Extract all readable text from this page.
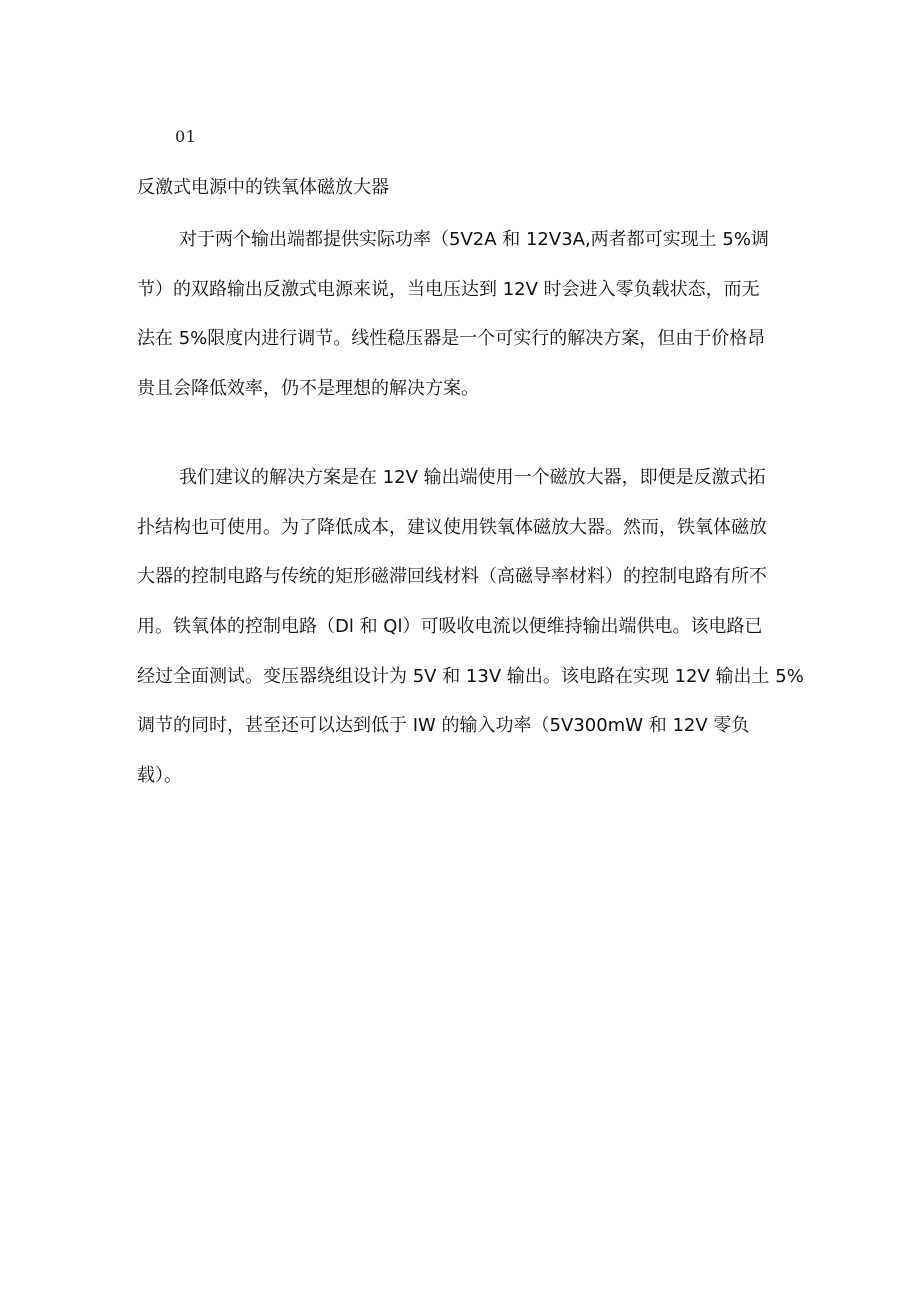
01
反激式电源中的铁氧体磁放大器
对于两个输出端都提供实际功率（5V2A 和 12V3A,两者都可实现土 5%调
节）的双路输出反激式电源来说，当电压达到 12V 时会进入零负载状态，而无
法在 5%限度内进行调节。线性稳压器是一个可实行的解决方案，但由于价格昂
贵且会降低效率，仍不是理想的解决方案。
我们建议的解决方案是在 12V 输出端使用一个磁放大器，即便是反激式拓
扑结构也可使用。为了降低成本，建议使用铁氧体磁放大器。然而，铁氧体磁放
大器的控制电路与传统的矩形磁滞回线材料（高磁导率材料）的控制电路有所不
用。铁氧体的控制电路（Dl 和 Ql）可吸收电流以便维持输出端供电。该电路已
经过全面测试。变压器绕组设计为 5V 和 13V 输出。该电路在实现 12V 输出土 5%
调节的同时，甚至还可以达到低于 IW 的输入功率（5V300mW 和 12V 零负
载）。
